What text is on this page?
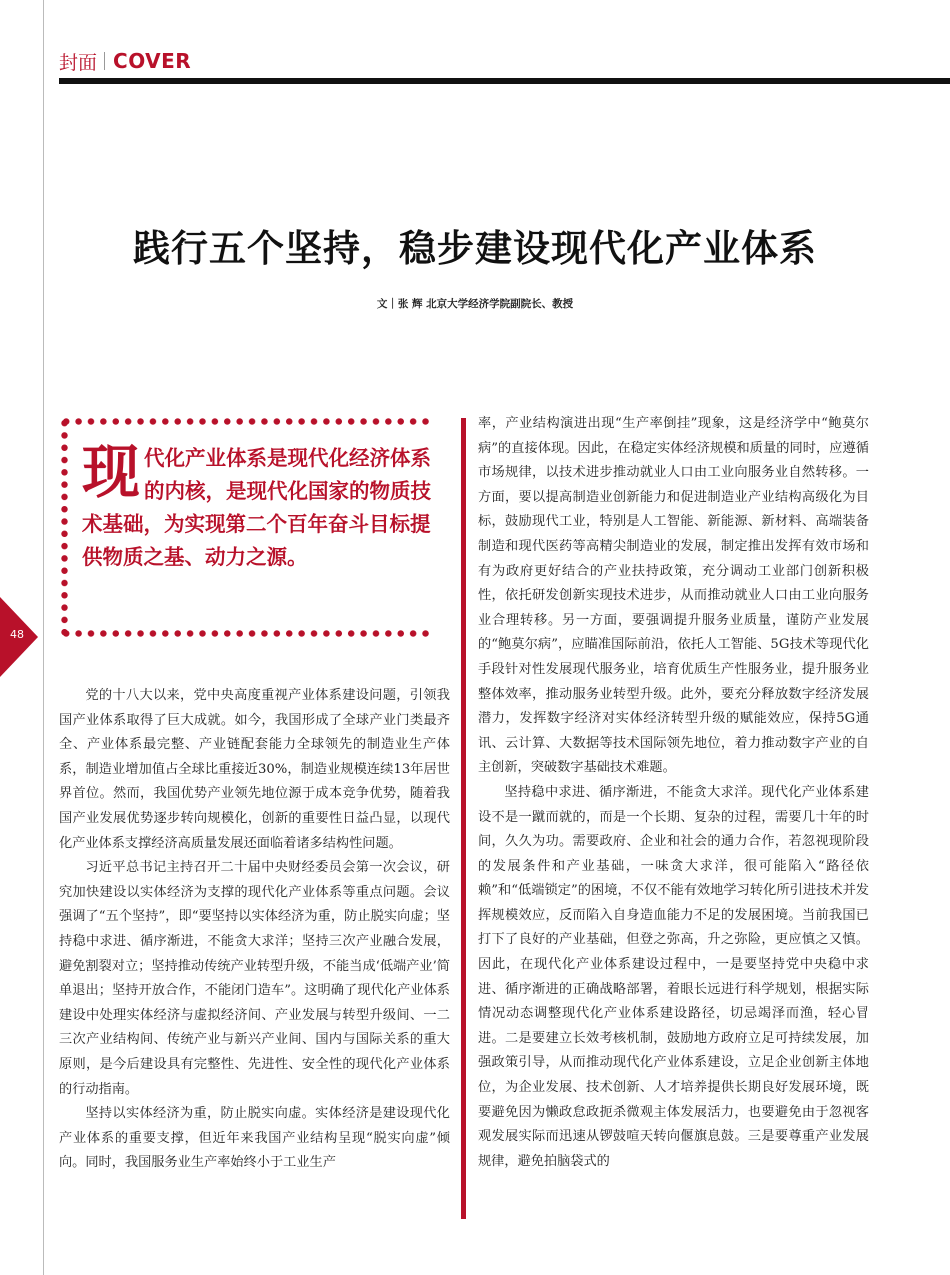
封面 COVER
践行五个坚持，稳步建设现代化产业体系
文｜张 辉 北京大学经济学院副院长、教授
48
现代化产业体系是现代化经济体系的内核，是现代化国家的物质技术基础，为实现第二个百年奋斗目标提供物质之基、动力之源。

党的十八大以来，党中央高度重视产业体系建设问题，引领我国产业体系取得了巨大成就。如今，我国形成了全球产业门类最齐全、产业体系最完整、产业链配套能力全球领先的制造业生产体系，制造业增加值占全球比重接近30%，制造业规模连续13年居世界首位。然而，我国优势产业领先地位源于成本竞争优势，随着我国产业发展优势逐步转向规模化，创新的重要性日益凸显，以现代化产业体系支撑经济高质量发展还面临着诸多结构性问题。

习近平总书记主持召开二十届中央财经委员会第一次会议，研究加快建设以实体经济为支撑的现代化产业体系等重点问题。会议强调了“五个坚持”，即“要坚持以实体经济为重，防止脱实向虚；坚持稳中求进、循序渐进，不能贪大求洋；坚持三次产业融合发展，避免割裂对立；坚持推动传统产业转型升级，不能当成‘低端产业’简单退出；坚持开放合作，不能闭门造车”。这明确了现代化产业体系建设中处理实体经济与虚拟经济间、产业发展与转型升级间、一二三次产业结构间、传统产业与新兴产业间、国内与国际关系的重大原则，是今后建设具有完整性、先进性、安全性的现代化产业体系的行动指南。

坚持以实体经济为重，防止脱实向虚。实体经济是建设现代化产业体系的重要支撑，但近年来我国产业结构呈现“脱实向虚”倾向。同时，我国服务业生产率始终小于工业生产

率，产业结构演进出现“生产率倒挂”现象，这是经济学中“鲍莫尔病”的直接体现。因此，在稳定实体经济规模和质量的同时，应遵循市场规律，以技术进步推动就业人口由工业向服务业自然转移。一方面，要以提高制造业创新能力和促进制造业产业结构高级化为目标，鼓励现代工业，特别是人工智能、新能源、新材料、高端装备制造和现代医药等高精尖制造业的发展，制定推出发挥有效市场和有为政府更好结合的产业扶持政策，充分调动工业部门创新积极性，依托研发创新实现技术进步，从而推动就业人口由工业向服务业合理转移。另一方面，要强调提升服务业质量，谨防产业发展的“鲍莫尔病”，应瞄准国际前沿，依托人工智能、5G技术等现代化手段针对性发展现代服务业，培育优质生产性服务业，提升服务业整体效率，推动服务业转型升级。此外，要充分释放数字经济发展潜力，发挥数字经济对实体经济转型升级的赋能效应，保持5G通讯、云计算、大数据等技术国际领先地位，着力推动数字产业的自主创新，突破数字基础技术难题。

坚持稳中求进、循序渐进，不能贪大求洋。现代化产业体系建设不是一蹴而就的，而是一个长期、复杂的过程，需要几十年的时间，久久为功。需要政府、企业和社会的通力合作，若忽视现阶段的发展条件和产业基础，一味贪大求洋，很可能陷入“路径依赖”和“低端锁定”的困境，不仅不能有效地学习转化所引进技术并发挥规模效应，反而陷入自身造血能力不足的发展困境。当前我国已打下了良好的产业基础，但登之弥高，升之弥险，更应慎之又慎。因此，在现代化产业体系建设过程中，一是要坚持党中央稳中求进、循序渐进的正确战略部署，着眼长远进行科学规划，根据实际情况动态调整现代化产业体系建设路径，切忌竭泽而渔，轻心冒进。二是要建立长效考核机制，鼓励地方政府立足可持续发展，加强政策引导，从而推动现代化产业体系建设，立足企业创新主体地位，为企业发展、技术创新、人才培养提供长期良好发展环境，既要避免因为懒政怠政扼杀微观主体发展活力，也要避免由于忽视客观发展实际而迅速从锣鼓喧天转向偃旗息鼓。三是要尊重产业发展规律，避免拍脑袋式的
